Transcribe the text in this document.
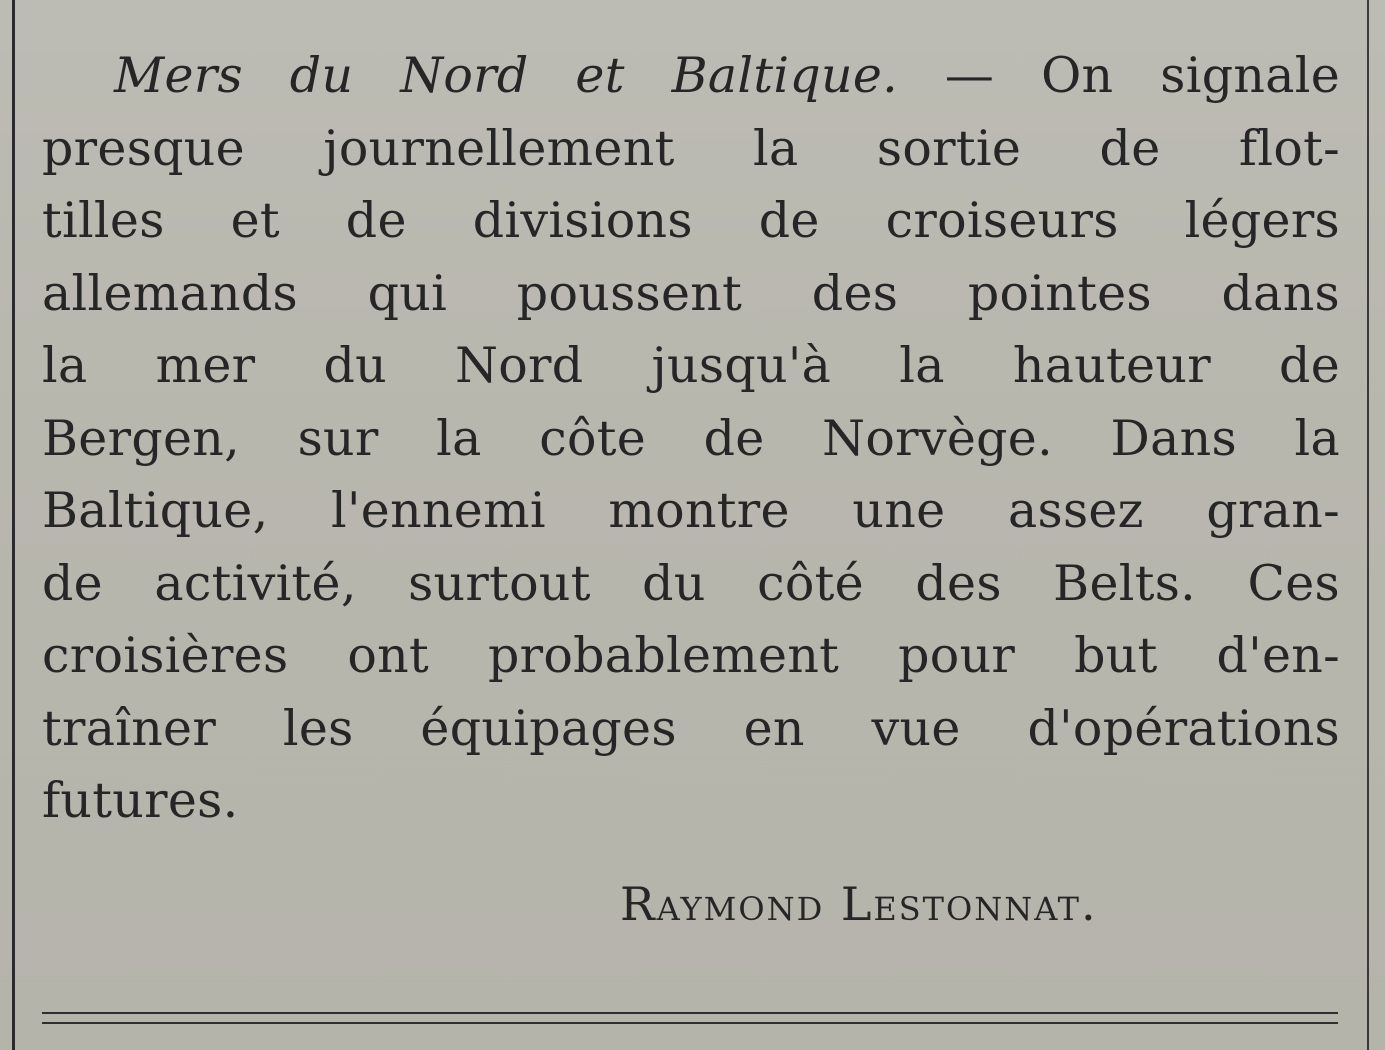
Mers du Nord et Baltique. — On signale
presque journellement la sortie de flot-
tilles et de divisions de croiseurs légers
allemands qui poussent des pointes dans
la mer du Nord jusqu'à la hauteur de
Bergen, sur la côte de Norvège. Dans la
Baltique, l'ennemi montre une assez gran-
de activité, surtout du côté des Belts. Ces
croisières ont probablement pour but d'en-
traîner les équipages en vue d'opérations
futures.
Raymond Lestonnat.
